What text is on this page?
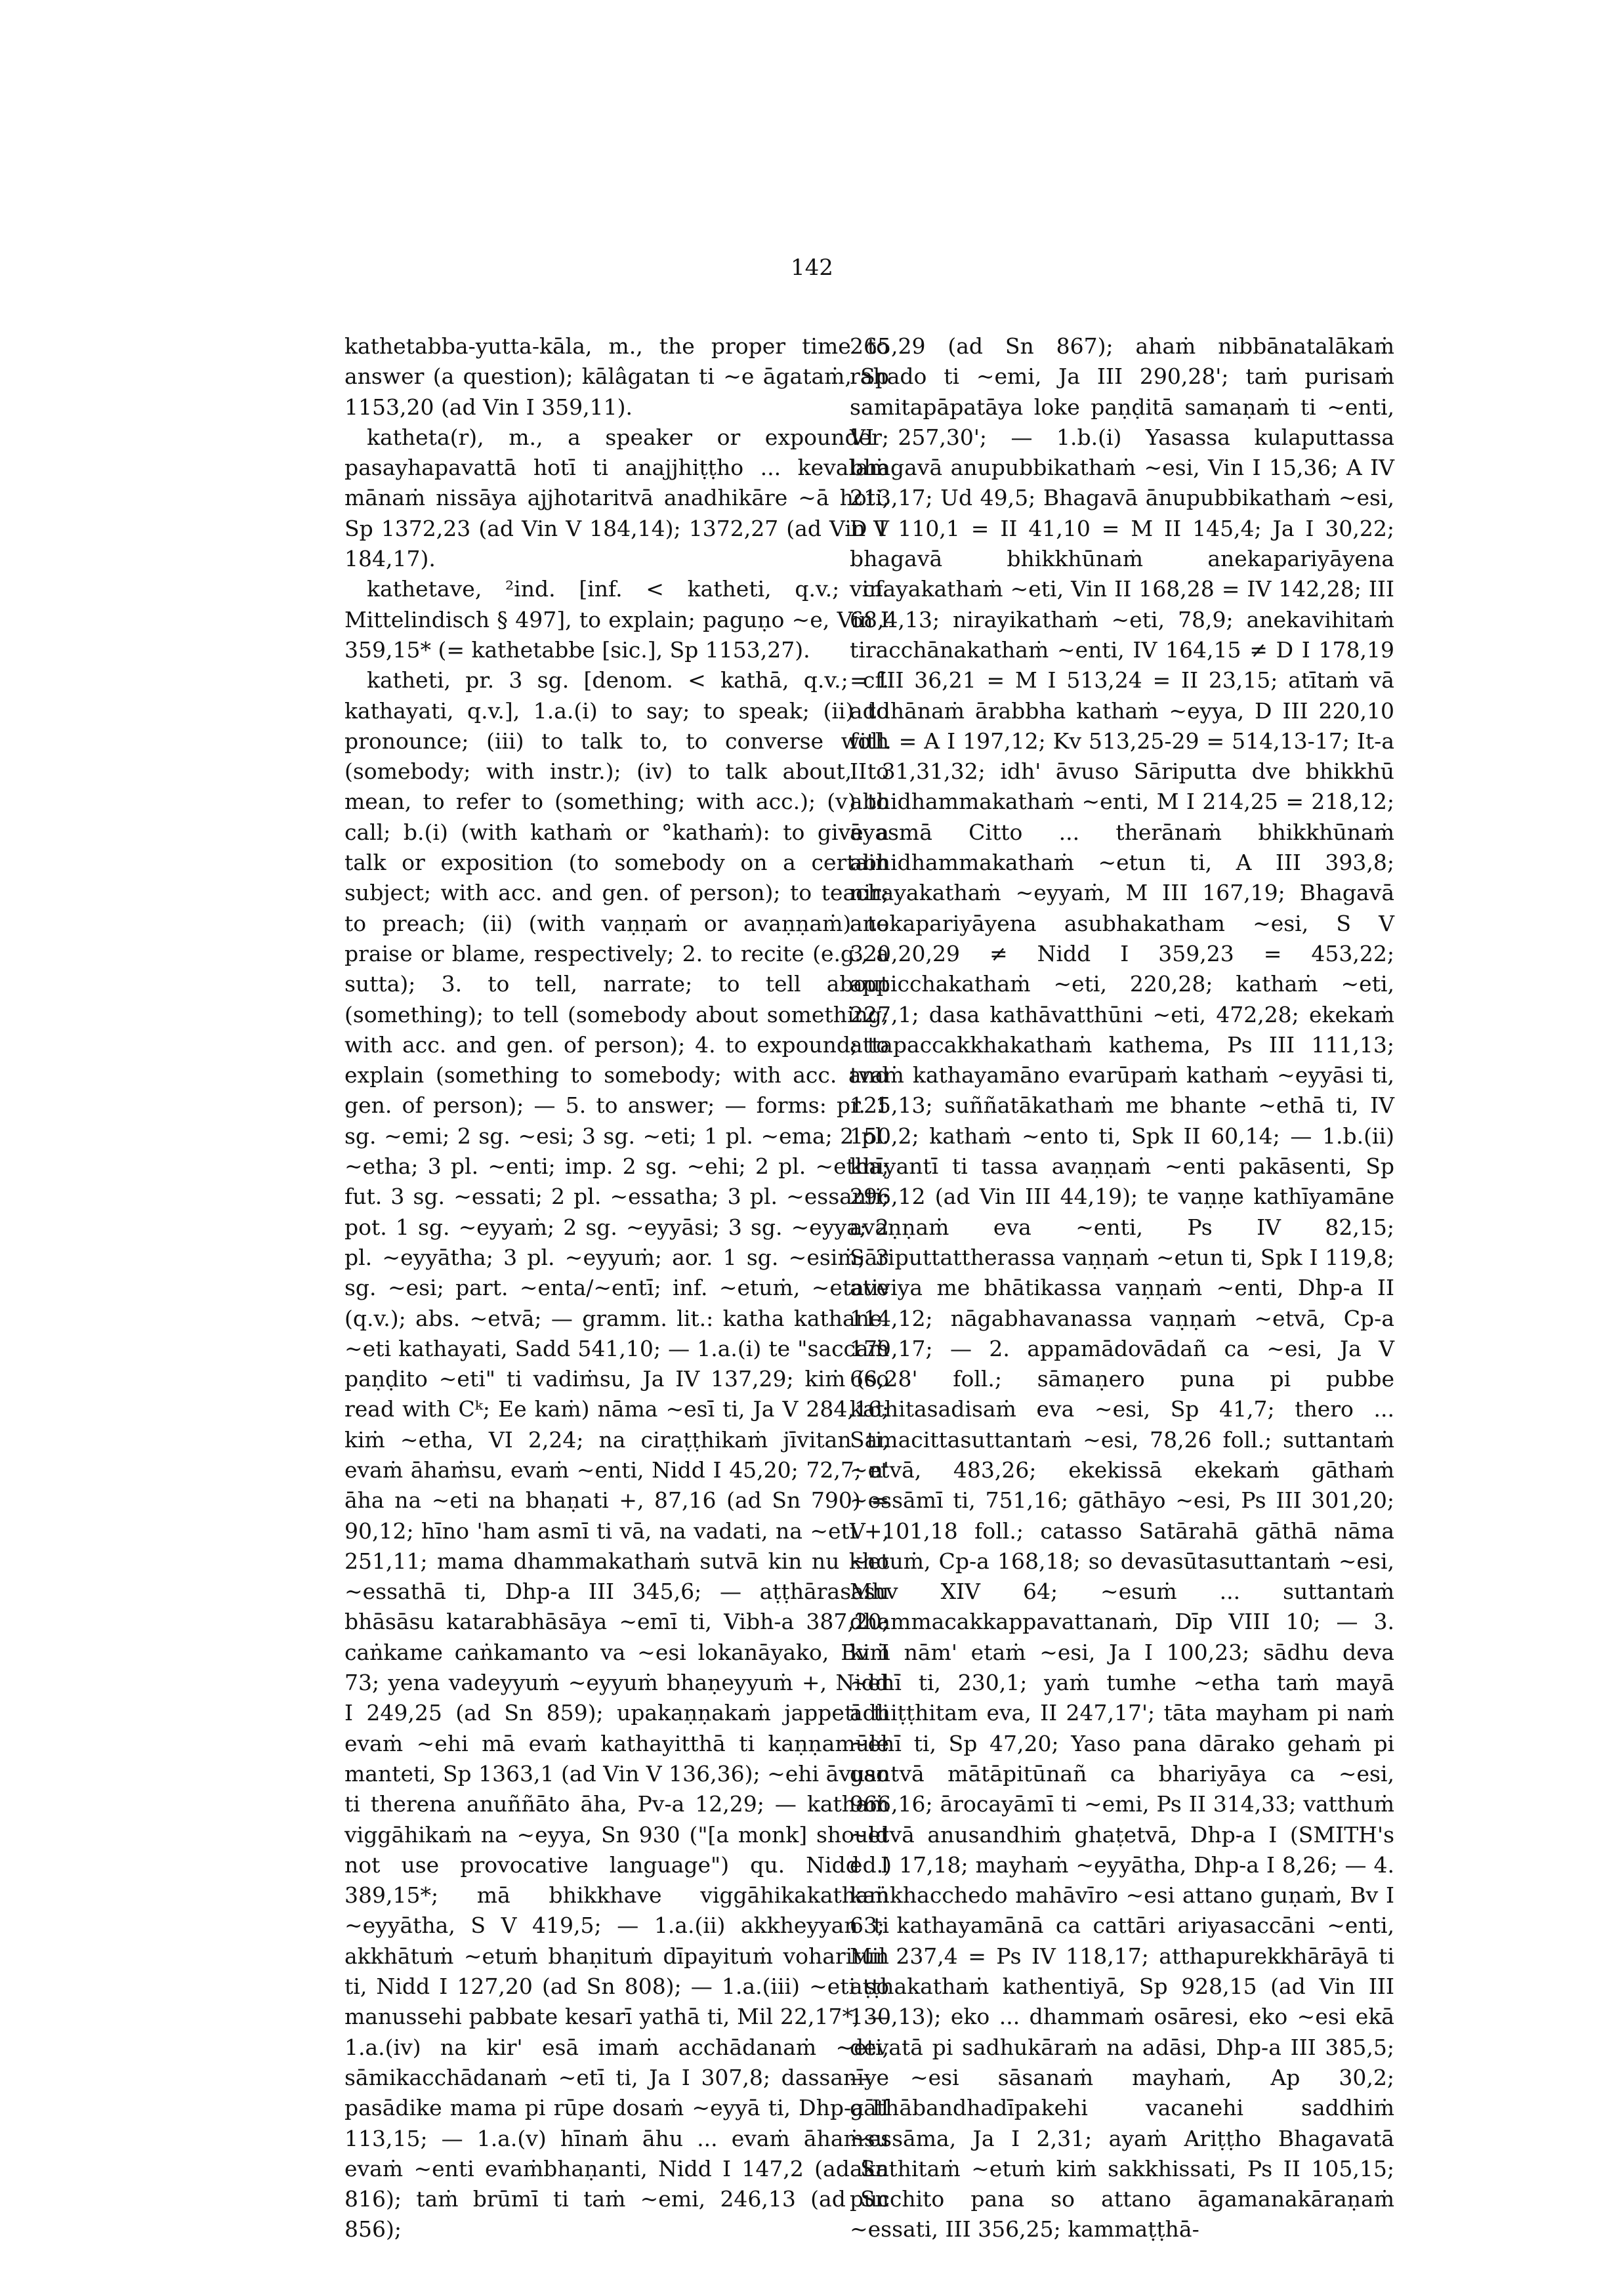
142

kathetabba-yutta-kāla, m., the proper time to answer (a question); kālâgatan ti ~e āgataṁ, Sp 1153,20 (ad Vin I 359,11).

katheta(r), m., a speaker or expounder; pasayhapavattā hotī ti anajjhiṭṭho ... kevalaṁ mānaṁ nissāya ajjhotaritvā anadhikāre ~ā hoti, Sp 1372,23 (ad Vin V 184,14); 1372,27 (ad Vin V 184,17).

kathetave, ²ind. [inf. < katheti, q.v.; cf. Mittelindisch § 497], to explain; paguṇo ~e, Vin I 359,15* (= kathetabbe [sic.], Sp 1153,27).

katheti, pr. 3 sg. [denom. < kathā, q.v.; cf. kathayati, q.v.], 1.a.(i) to say; to speak; (ii) to pronounce; (iii) to talk to, to converse with (somebody; with instr.); (iv) to talk about, to mean, to refer to (something; with acc.); (v) to call; b.(i) (with kathaṁ or °kathaṁ): to give a talk or exposition (to somebody on a certain subject; with acc. and gen. of person); to teach; to preach; (ii) (with vaṇṇaṁ or avaṇṇaṁ) to praise or blame, respectively; 2. to recite (e.g., a sutta); 3. to tell, narrate; to tell about (something); to tell (somebody about something; with acc. and gen. of person); 4. to expound; to explain (something to somebody; with acc. and gen. of person); — 5. to answer; — forms: pr. 1 sg. ~emi; 2 sg. ~esi; 3 sg. ~eti; 1 pl. ~ema; 2 pl. ~etha; 3 pl. ~enti; imp. 2 sg. ~ehi; 2 pl. ~etha; fut. 3 sg. ~essati; 2 pl. ~essatha; 3 pl. ~essanti; pot. 1 sg. ~eyyaṁ; 2 sg. ~eyyāsi; 3 sg. ~eyya; 2 pl. ~eyyātha; 3 pl. ~eyyuṁ; aor. 1 sg. ~esiṁ; 3 sg. ~esi; part. ~enta/~entī; inf. ~etuṁ, ~etave (q.v.); abs. ~etvā; — gramm. lit.: katha kathane. ~eti kathayati, Sadd 541,10; — 1.a.(i) te "saccaṁ paṇḍito ~eti" ti vadiṁsu, Ja IV 137,29; kiṁ (so read with Cᵏ; Ee kaṁ) nāma ~esī ti, Ja V 284,16; kiṁ ~etha, VI 2,24; na ciraṭṭhikaṁ jīvitan ti, evaṁ āhaṁsu, evaṁ ~enti, Nidd I 45,20; 72,7; n' āha na ~eti na bhaṇati +, 87,16 (ad Sn 790) = 90,12; hīno 'ham asmī ti vā, na vadati, na ~eti +, 251,11; mama dhammakathaṁ sutvā kin nu kho ~essathā ti, Dhp-a III 345,6; — aṭṭhārasasu bhāsāsu katarabhāsāya ~emī ti, Vibh-a 387,20; caṅkame caṅkamanto va ~esi lokanāyako, Bv I 73; yena vadeyyuṁ ~eyyuṁ bhaṇeyyuṁ +, Nidd I 249,25 (ad Sn 859); upakaṇṇakaṁ jappetī ti evaṁ ~ehi mā evaṁ kathayitthā ti kaṇṇamūle manteti, Sp 1363,1 (ad Vin V 136,36); ~ehi āvuso ti therena anuññāto āha, Pv-a 12,29; — kathaṁ viggāhikaṁ na ~eyya, Sn 930 ("[a monk] should not use provocative language") qu. Nidd I 389,15*; mā bhikkhave viggāhikakathaṁ ~eyyātha, S V 419,5; — 1.a.(ii) akkheyyan ti akkhātuṁ ~etuṁ bhaṇituṁ dīpayituṁ voharitun ti, Nidd I 127,20 (ad Sn 808); — 1.a.(iii) ~eti so manussehi pabbate kesarī yathā ti, Mil 22,17*; — 1.a.(iv) na kir' esā imaṁ acchādanaṁ ~eti, sāmikacchādanaṁ ~etī ti, Ja I 307,8; dassanīye pasādike mama pi rūpe dosaṁ ~eyyā ti, Dhp-a II 113,15; — 1.a.(v) hīnaṁ āhu ... evaṁ āhaṁsu evaṁ ~enti evaṁbhaṇanti, Nidd I 147,2 (ad Sn 816); taṁ brūmī ti taṁ ~emi, 246,13 (ad Sn 856);

265,29 (ad Sn 867); ahaṁ nibbānatalākaṁ rahado ti ~emi, Ja III 290,28'; taṁ purisaṁ samitapāpatāya loke paṇḍitā samaṇaṁ ti ~enti, VI 257,30'; — 1.b.(i) Yasassa kulaputtassa bhagavā anupubbikathaṁ ~esi, Vin I 15,36; A IV 213,17; Ud 49,5; Bhagavā ānupubbikathaṁ ~esi, D I 110,1 = II 41,10 = M II 145,4; Ja I 30,22; bhagavā bhikkhūnaṁ anekapariyāyena vinayakathaṁ ~eti, Vin II 168,28 = IV 142,28; III 68,4,13; nirayikathaṁ ~eti, 78,9; anekavihitaṁ tiracchānakathaṁ ~enti, IV 164,15 ≠ D I 178,19 = III 36,21 = M I 513,24 = II 23,15; atītaṁ vā addhānaṁ ārabbha kathaṁ ~eyya, D III 220,10 foll. = A I 197,12; Kv 513,25-29 = 514,13-17; It-a II 31,31,32; idh' āvuso Sāriputta dve bhikkhū abhidhammakathaṁ ~enti, M I 214,25 = 218,12; āyasmā Citto ... therānaṁ bhikkhūnaṁ abhidhammakathaṁ ~etun ti, A III 393,8; nirayakathaṁ ~eyyaṁ, M III 167,19; Bhagavā anekapariyāyena asubhakatham ~esi, S V 320,20,29 ≠ Nidd I 359,23 = 453,22; appicchakathaṁ ~eti, 220,28; kathaṁ ~eti, 227,1; dasa kathāvatthūni ~eti, 472,28; ekekaṁ attapaccakkhakathaṁ kathema, Ps III 111,13; tvaṁ kathayamāno evarūpaṁ kathaṁ ~eyyāsi ti, 125,13; suññatākathaṁ me bhante ~ethā ti, IV 150,2; kathaṁ ~ento ti, Spk II 60,14; — 1.b.(ii) khīyantī ti tassa avaṇṇaṁ ~enti pakāsenti, Sp 296,12 (ad Vin III 44,19); te vaṇṇe kathīyamāne avaṇṇaṁ eva ~enti, Ps IV 82,15; Sāriputtattherassa vaṇṇaṁ ~etun ti, Spk I 119,8; ativiya me bhātikassa vaṇṇaṁ ~enti, Dhp-a II 114,12; nāgabhavanassa vaṇṇaṁ ~etvā, Cp-a 179,17; — 2. appamādovādañ ca ~esi, Ja V 66,28' foll.; sāmaṇero puna pi pubbe kathitasadisaṁ eva ~esi, Sp 41,7; thero ... Samacittasuttantaṁ ~esi, 78,26 foll.; suttantaṁ ~etvā, 483,26; ekekissā ekekaṁ gāthaṁ ~essāmī ti, 751,16; gāthāyo ~esi, Ps III 301,20; V 101,18 foll.; catasso Satārahā gāthā nāma ~etuṁ, Cp-a 168,18; so devasūtasuttantaṁ ~esi, Mhv XIV 64; ~esuṁ ... suttantaṁ dhammacakkappavattanaṁ, Dīp VIII 10; — 3. kiṁ nām' etaṁ ~esi, Ja I 100,23; sādhu deva ~ehī ti, 230,1; yaṁ tumhe ~etha taṁ mayā adhiṭṭhitam eva, II 247,17'; tāta mayham pi naṁ ~ehī ti, Sp 47,20; Yaso pana dārako gehaṁ pi gantvā mātāpitūnañ ca bhariyāya ca ~esi, 966,16; ārocayāmī ti ~emi, Ps II 314,33; vatthuṁ ~etvā anusandhiṁ ghaṭetvā, Dhp-a I (SMITH's ed.) 17,18; mayhaṁ ~eyyātha, Dhp-a I 8,26; — 4. kaṅkhacchedo mahāvīro ~esi attano guṇaṁ, Bv I 63; kathayamānā ca cattāri ariyasaccāni ~enti, Mil 237,4 = Ps IV 118,17; atthapurekkhārāyā ti aṭṭhakathaṁ kathentiyā, Sp 928,15 (ad Vin III 130,13); eko ... dhammaṁ osāresi, eko ~esi ekā devatā pi sadhukāraṁ na adāsi, Dhp-a III 385,5; — ~esi sāsanaṁ mayhaṁ, Ap 30,2; gāthābandhadīpakehi vacanehi saddhiṁ ~essāma, Ja I 2,31; ayaṁ Ariṭṭho Bhagavatā akathitaṁ ~etuṁ kiṁ sakkhissati, Ps II 105,15; pucchito pana so attano āgamanakāraṇaṁ ~essati, III 356,25; kammaṭṭhā-
